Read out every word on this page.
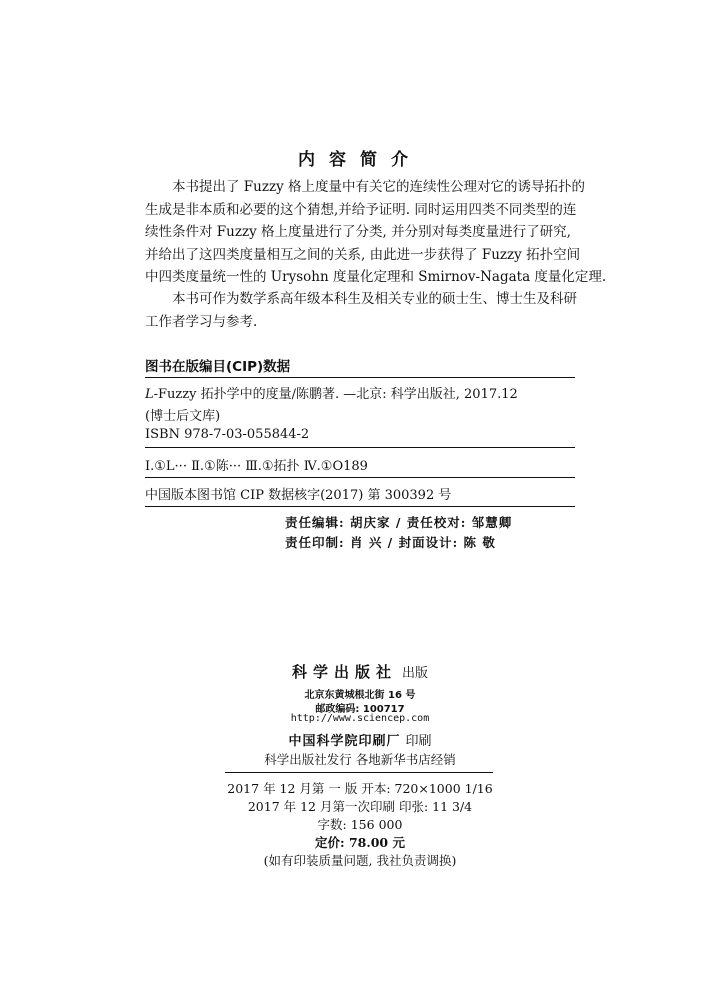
内容简介
本书提出了 Fuzzy 格上度量中有关它的连续性公理对它的诱导拓扑的
生成是非本质和必要的这个猜想,并给予证明. 同时运用四类不同类型的连
续性条件对 Fuzzy 格上度量进行了分类, 并分别对每类度量进行了研究,
并给出了这四类度量相互之间的关系, 由此进一步获得了 Fuzzy 拓扑空间
中四类度量统一性的 Urysohn 度量化定理和 Smirnov-Nagata 度量化定理.
本书可作为数学系高年级本科生及相关专业的硕士生、博士生及科研
工作者学习与参考.
图书在版编目(CIP)数据
L-Fuzzy 拓扑学中的度量/陈鹏著. —北京: 科学出版社, 2017.12
(博士后文库)
ISBN 978-7-03-055844-2
Ⅰ.①L··· Ⅱ.①陈··· Ⅲ.①拓扑 Ⅳ.①O189
中国版本图书馆 CIP 数据核字(2017) 第 300392 号
责任编辑: 胡庆家 / 责任校对: 邹慧卿
责任印制: 肖 兴 / 封面设计: 陈 敬
科学出版社 出版
北京东黄城根北街 16 号
邮政编码: 100717
http://www.sciencep.com
中国科学院印刷厂 印刷
科学出版社发行 各地新华书店经销
2017 年 12 月第 一 版 开本: 720×1000 1/16
2017 年 12 月第一次印刷 印张: 11 3/4
字数: 156 000
定价: 78.00 元
(如有印装质量问题, 我社负责调换)
